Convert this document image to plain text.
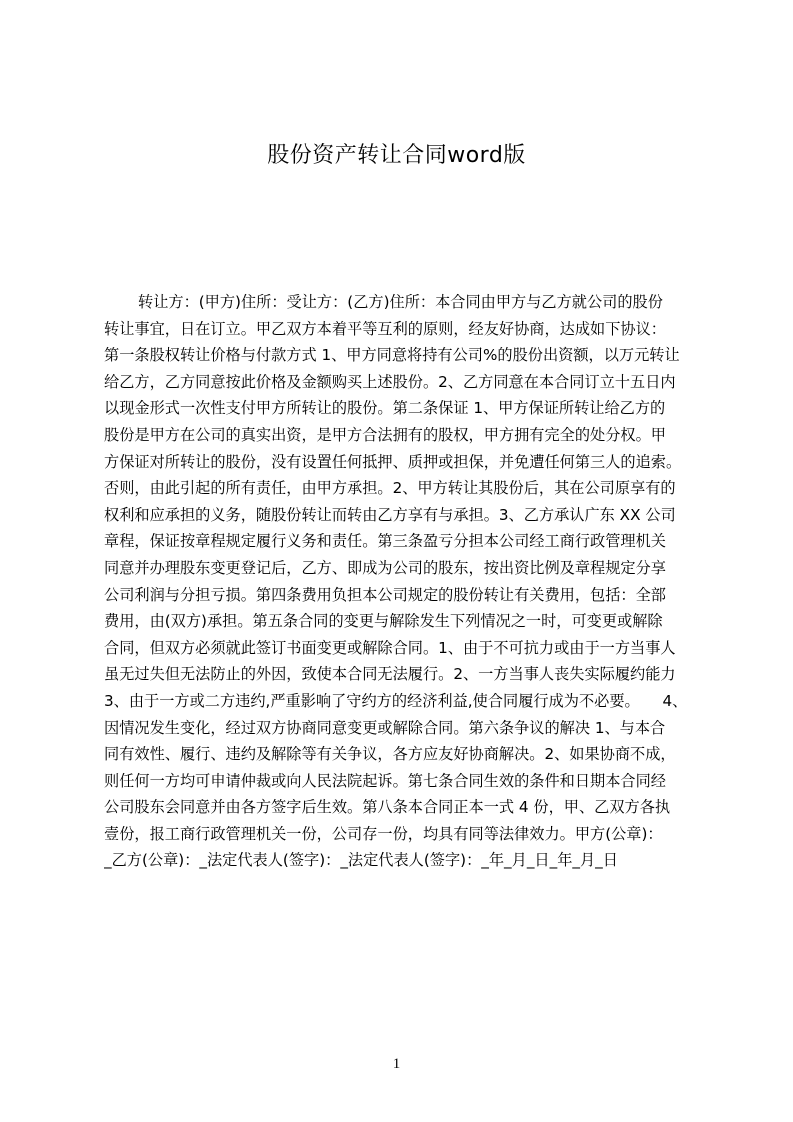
股份资产转让合同word版

转让方：(甲方)住所：受让方：(乙方)住所：本合同由甲方与乙方就公司的股份

转让事宜，日在订立。甲乙双方本着平等互利的原则，经友好协商，达成如下协议：

第一条股权转让价格与付款方式 1、甲方同意将持有公司%的股份出资额，以万元转让

给乙方，乙方同意按此价格及金额购买上述股份。2、乙方同意在本合同订立十五日内

以现金形式一次性支付甲方所转让的股份。第二条保证 1、甲方保证所转让给乙方的

股份是甲方在公司的真实出资，是甲方合法拥有的股权，甲方拥有完全的处分权。甲

方保证对所转让的股份，没有设置任何抵押、质押或担保，并免遭任何第三人的追索。

否则，由此引起的所有责任，由甲方承担。2、甲方转让其股份后，其在公司原享有的

权利和应承担的义务，随股份转让而转由乙方享有与承担。3、乙方承认广东 XX 公司

章程，保证按章程规定履行义务和责任。第三条盈亏分担本公司经工商行政管理机关

同意并办理股东变更登记后，乙方、即成为公司的股东，按出资比例及章程规定分享

公司利润与分担亏损。第四条费用负担本公司规定的股份转让有关费用，包括：全部

费用，由(双方)承担。第五条合同的变更与解除发生下列情况之一时，可变更或解除

合同，但双方必须就此签订书面变更或解除合同。1、由于不可抗力或由于一方当事人

虽无过失但无法防止的外因，致使本合同无法履行。2、一方当事人丧失实际履约能力

3、由于一方或二方违约,严重影响了守约方的经济利益,使合同履行成为不必要。　　4、

因情况发生变化，经过双方协商同意变更或解除合同。第六条争议的解决 1、与本合

同有效性、履行、违约及解除等有关争议，各方应友好协商解决。2、如果协商不成，

则任何一方均可申请仲裁或向人民法院起诉。第七条合同生效的条件和日期本合同经

公司股东会同意并由各方签字后生效。第八条本合同正本一式 4 份，甲、乙双方各执

壹份，报工商行政管理机关一份，公司存一份，均具有同等法律效力。甲方(公章)：

_乙方(公章)：_法定代表人(签字)：_法定代表人(签字)：_年_月_日_年_月_日

1
